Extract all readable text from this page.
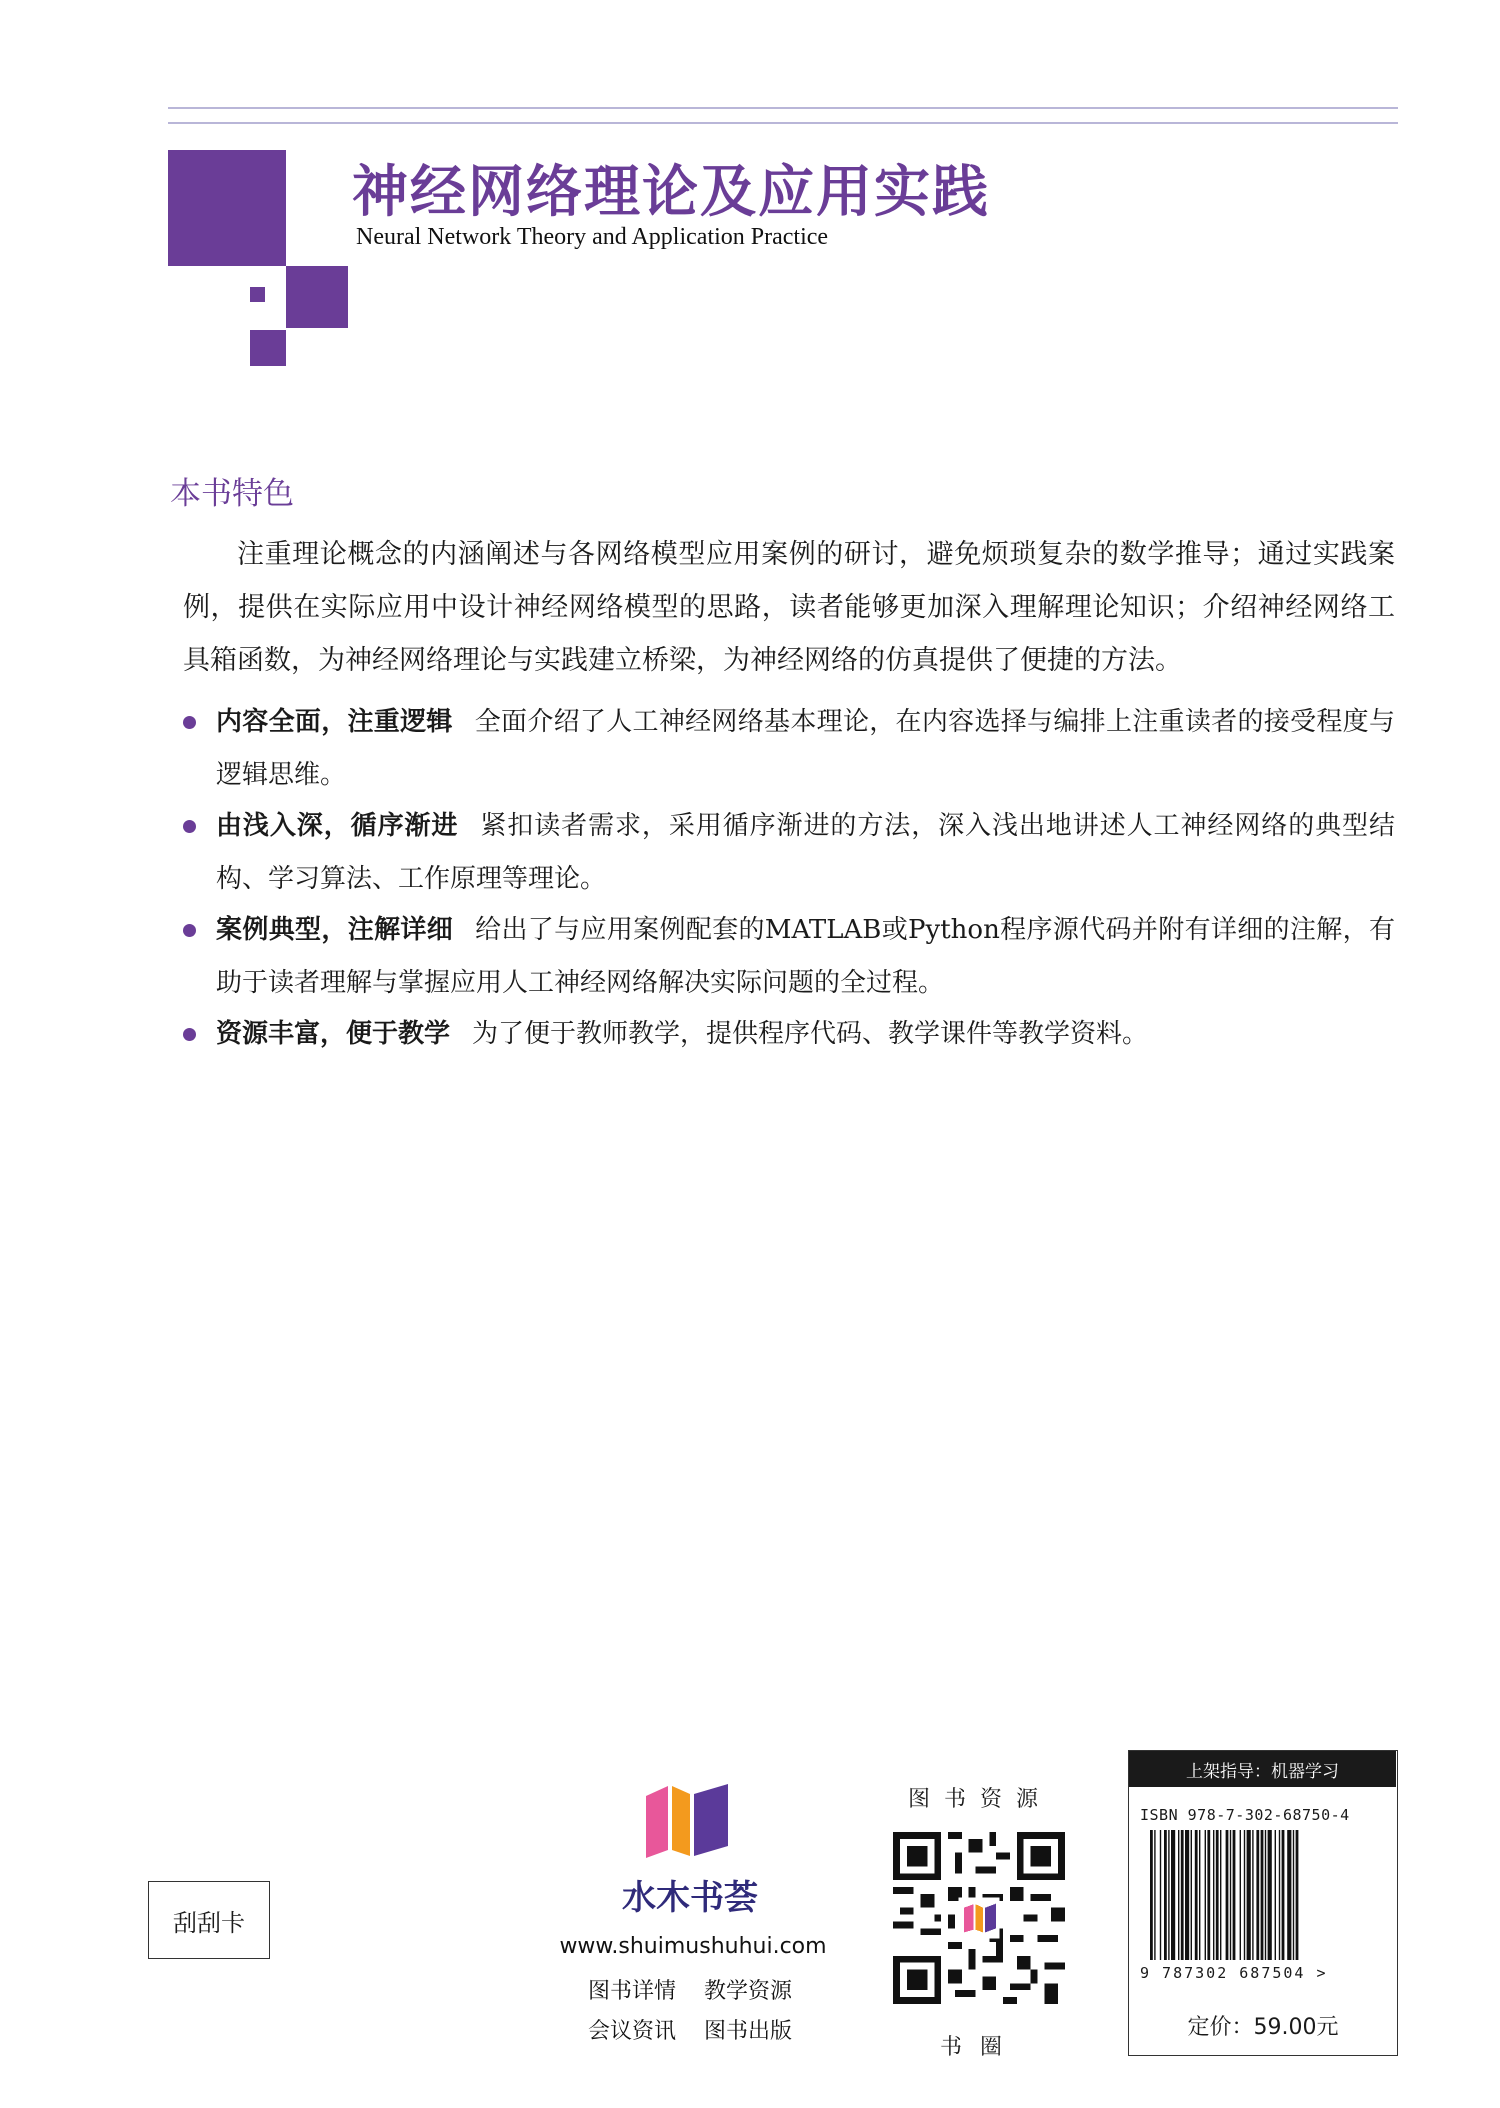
神经网络理论及应用实践
Neural Network Theory and Application Practice
本书特色
注重理论概念的内涵阐述与各网络模型应用案例的研讨，避免烦琐复杂的数学推导；通过实践案例，提供在实际应用中设计神经网络模型的思路，读者能够更加深入理解理论知识；介绍神经网络工具箱函数，为神经网络理论与实践建立桥梁，为神经网络的仿真提供了便捷的方法。
内容全面，注重逻辑 全面介绍了人工神经网络基本理论，在内容选择与编排上注重读者的接受程度与逻辑思维。
由浅入深，循序渐进 紧扣读者需求，采用循序渐进的方法，深入浅出地讲述人工神经网络的典型结构、学习算法、工作原理等理论。
案例典型，注解详细 给出了与应用案例配套的MATLAB或Python程序源代码并附有详细的注解，有助于读者理解与掌握应用人工神经网络解决实际问题的全过程。
资源丰富，便于教学 为了便于教师教学，提供程序代码、教学课件等教学资料。
刮刮卡
水木书荟
www.shuimushuhui.com
图书详情 教学资源
会议资讯 图书出版
图书资源
书圈
上架指导：机器学习
ISBN 978-7-302-68750-4
9 787302 687504 >
定价：59.00元
